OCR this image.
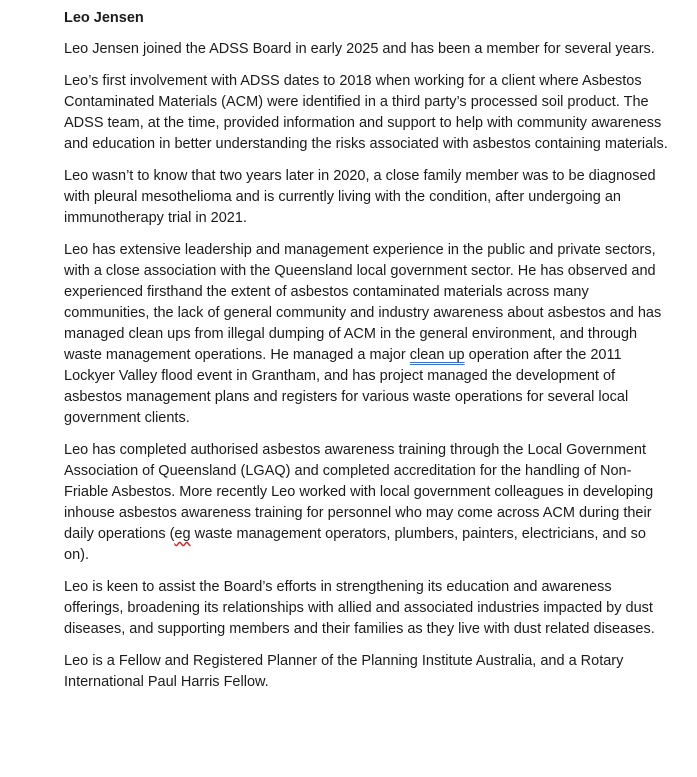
Leo Jensen

Leo Jensen joined the ADSS Board in early 2025 and has been a member for several years.

Leo’s first involvement with ADSS dates to 2018 when working for a client where Asbestos Contaminated Materials (ACM) were identified in a third party’s processed soil product. The ADSS team, at the time, provided information and support to help with community awareness and education in better understanding the risks associated with asbestos containing materials.

Leo wasn’t to know that two years later in 2020, a close family member was to be diagnosed with pleural mesothelioma and is currently living with the condition, after undergoing an immunotherapy trial in 2021.

Leo has extensive leadership and management experience in the public and private sectors, with a close association with the Queensland local government sector. He has observed and experienced firsthand the extent of asbestos contaminated materials across many communities, the lack of general community and industry awareness about asbestos and has managed clean ups from illegal dumping of ACM in the general environment, and through waste management operations. He managed a major clean up operation after the 2011 Lockyer Valley flood event in Grantham, and has project managed the development of asbestos management plans and registers for various waste operations for several local government clients.

Leo has completed authorised asbestos awareness training through the Local Government Association of Queensland (LGAQ) and completed accreditation for the handling of Non-Friable Asbestos. More recently Leo worked with local government colleagues in developing inhouse asbestos awareness training for personnel who may come across ACM during their daily operations (eg waste management operators, plumbers, painters, electricians, and so on).

Leo is keen to assist the Board’s efforts in strengthening its education and awareness offerings, broadening its relationships with allied and associated industries impacted by dust diseases, and supporting members and their families as they live with dust related diseases.

Leo is a Fellow and Registered Planner of the Planning Institute Australia, and a Rotary International Paul Harris Fellow.
